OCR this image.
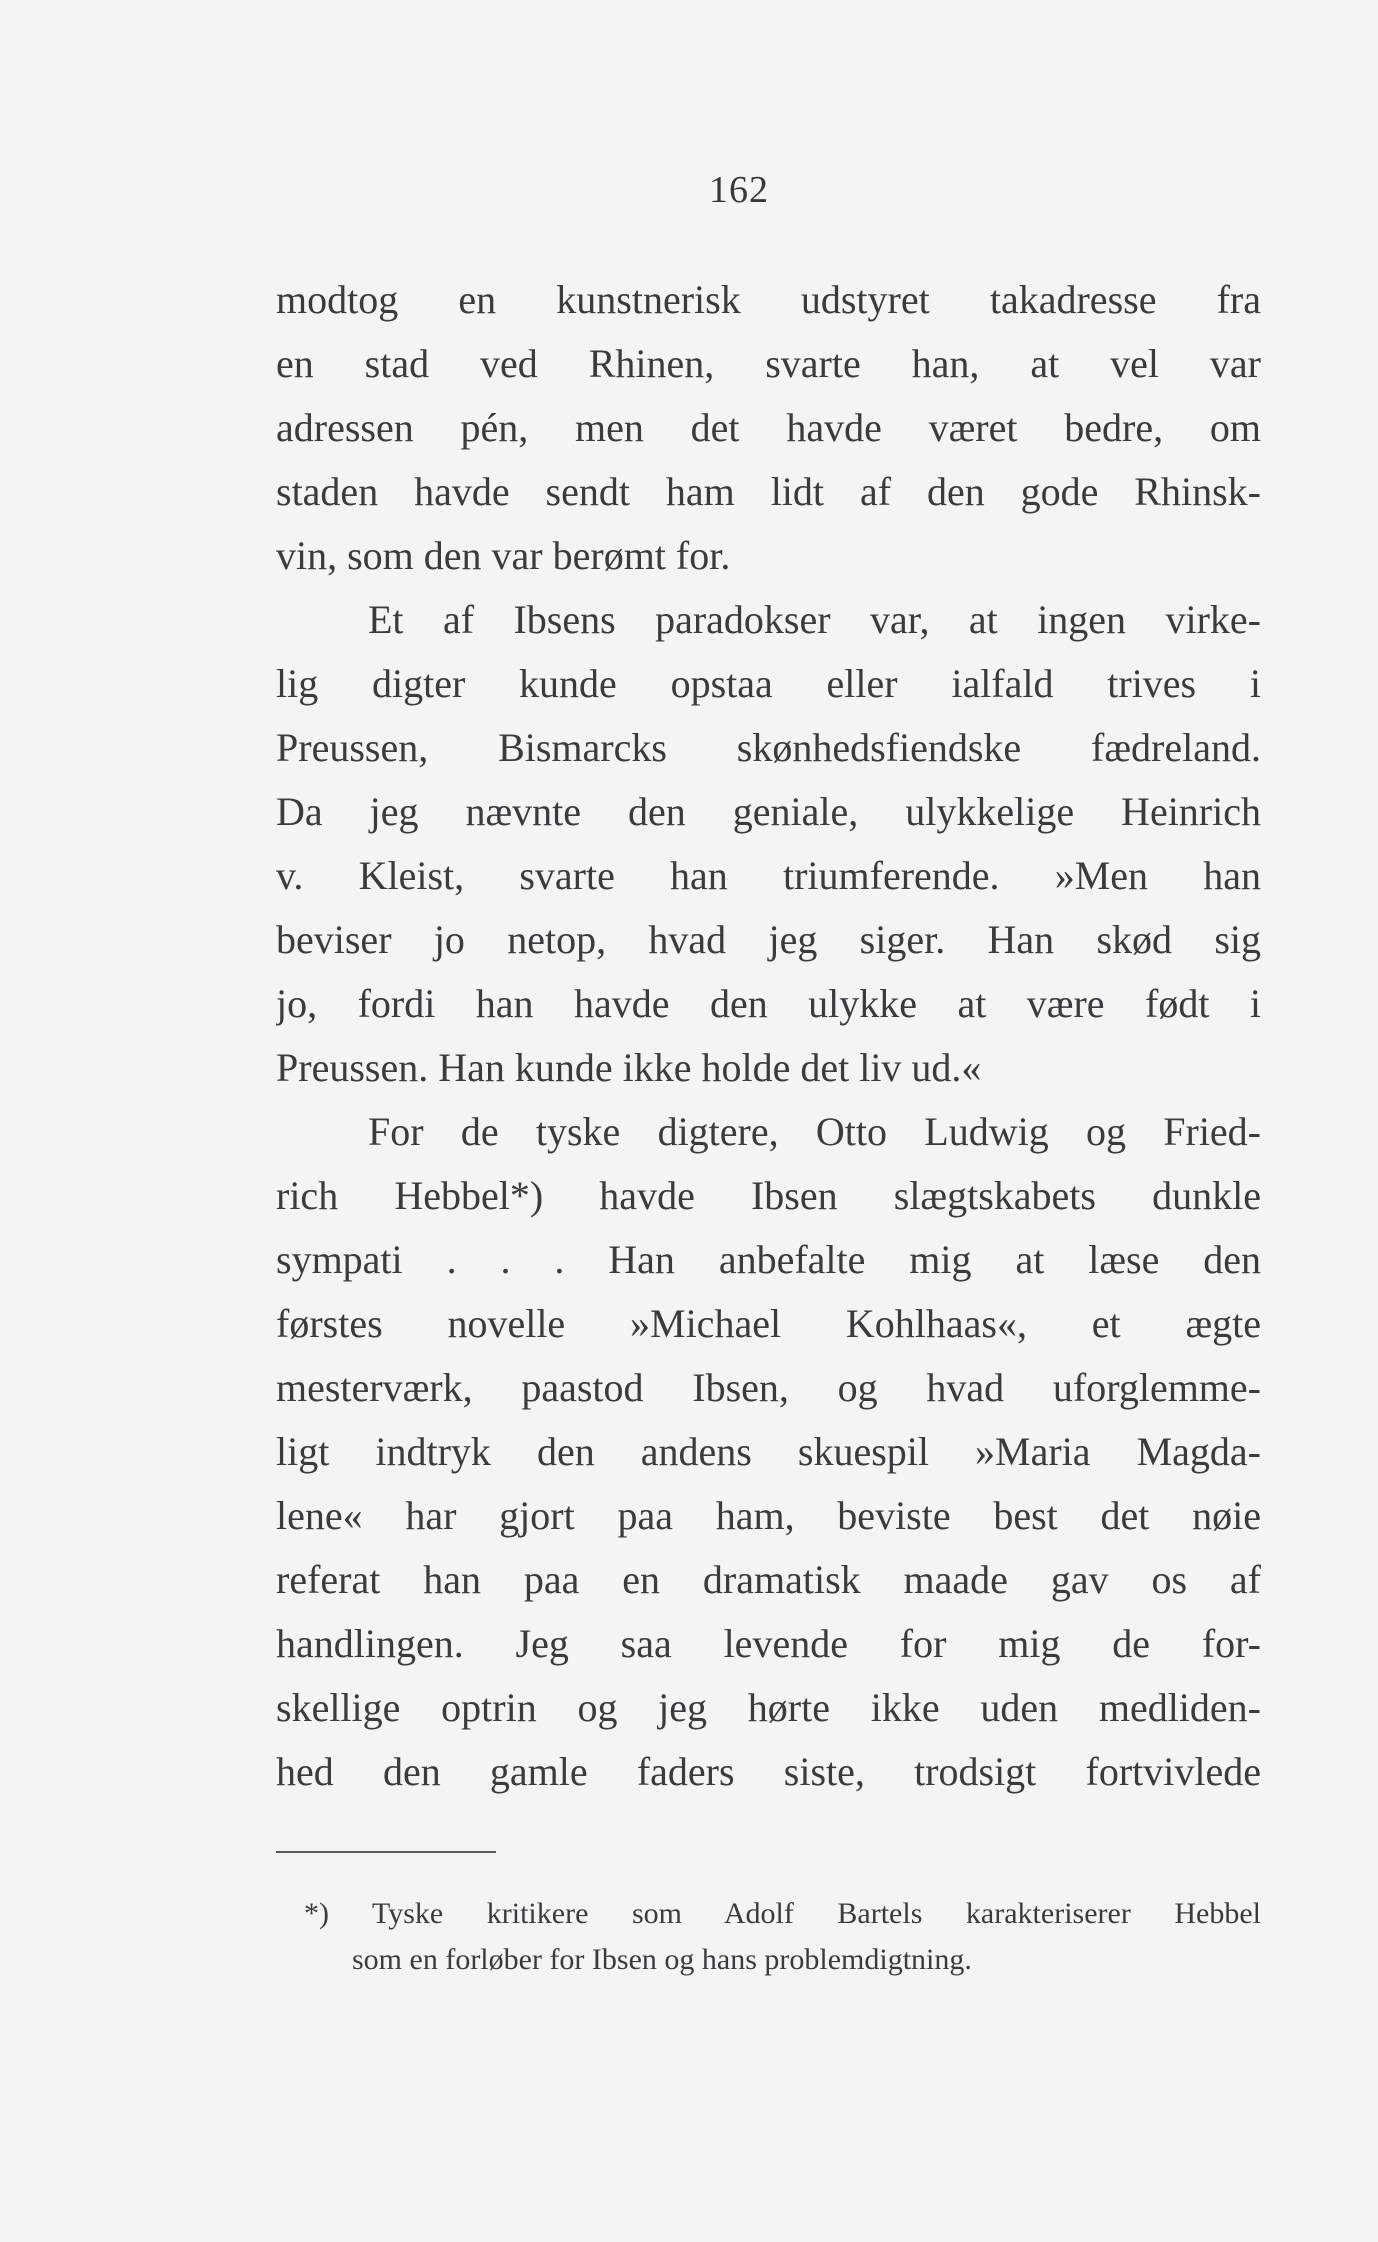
162
modtog en kunstnerisk udstyret takadresse fra
en stad ved Rhinen, svarte han, at vel var
adressen pén, men det havde været bedre, om
staden havde sendt ham lidt af den gode Rhinsk-
vin, som den var berømt for.
Et af Ibsens paradokser var, at ingen virke-
lig digter kunde opstaa eller ialfald trives i
Preussen, Bismarcks skønhedsfiendske fædreland.
Da jeg nævnte den geniale, ulykkelige Heinrich
v. Kleist, svarte han triumferende. »Men han
beviser jo netop, hvad jeg siger. Han skød sig
jo, fordi han havde den ulykke at være født i
Preussen. Han kunde ikke holde det liv ud.«
For de tyske digtere, Otto Ludwig og Fried-
rich Hebbel*) havde Ibsen slægtskabets dunkle
sympati . . . Han anbefalte mig at læse den
førstes novelle »Michael Kohlhaas«, et ægte
mesterværk, paastod Ibsen, og hvad uforglemme-
ligt indtryk den andens skuespil »Maria Magda-
lene« har gjort paa ham, beviste best det nøie
referat han paa en dramatisk maade gav os af
handlingen. Jeg saa levende for mig de for-
skellige optrin og jeg hørte ikke uden medliden-
hed den gamle faders siste, trodsigt fortvivlede
*) Tyske kritikere som Adolf Bartels karakteriserer Hebbel
som en forløber for Ibsen og hans problemdigtning.
